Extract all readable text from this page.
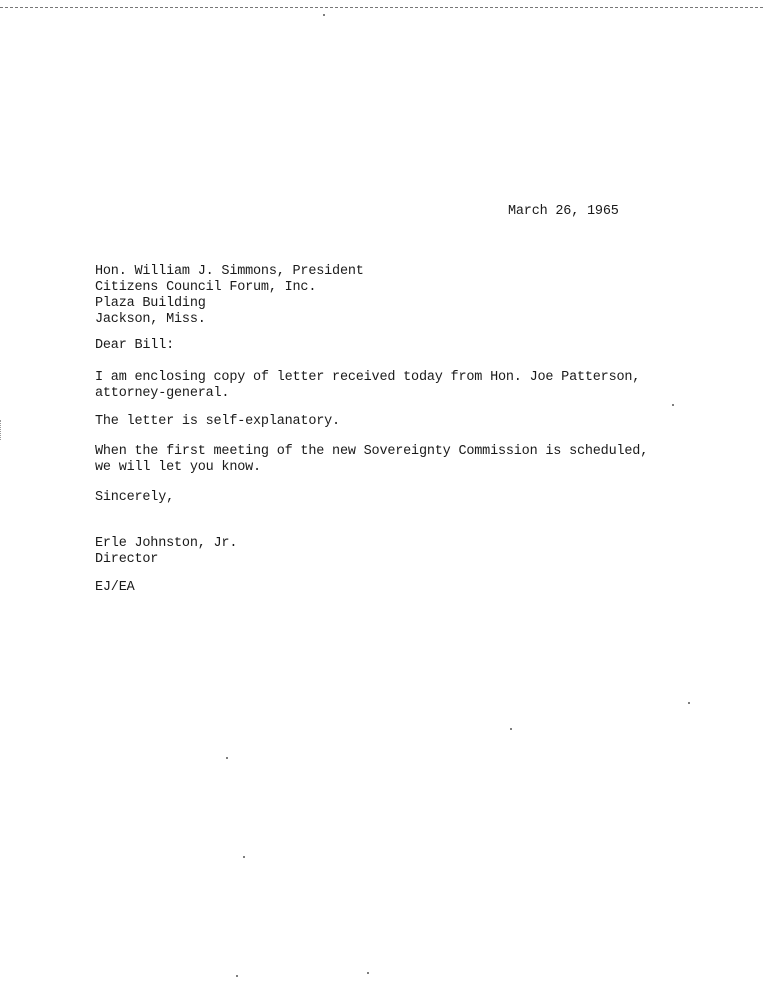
March 26, 1965
Hon. William J. Simmons, President
Citizens Council Forum, Inc.
Plaza Building
Jackson, Miss.
Dear Bill:
I am enclosing copy of letter received today from Hon. Joe Patterson,
attorney-general.
The letter is self-explanatory.
When the first meeting of the new Sovereignty Commission is scheduled,
we will let you know.
Sincerely,
Erle Johnston, Jr.
Director
EJ/EA
